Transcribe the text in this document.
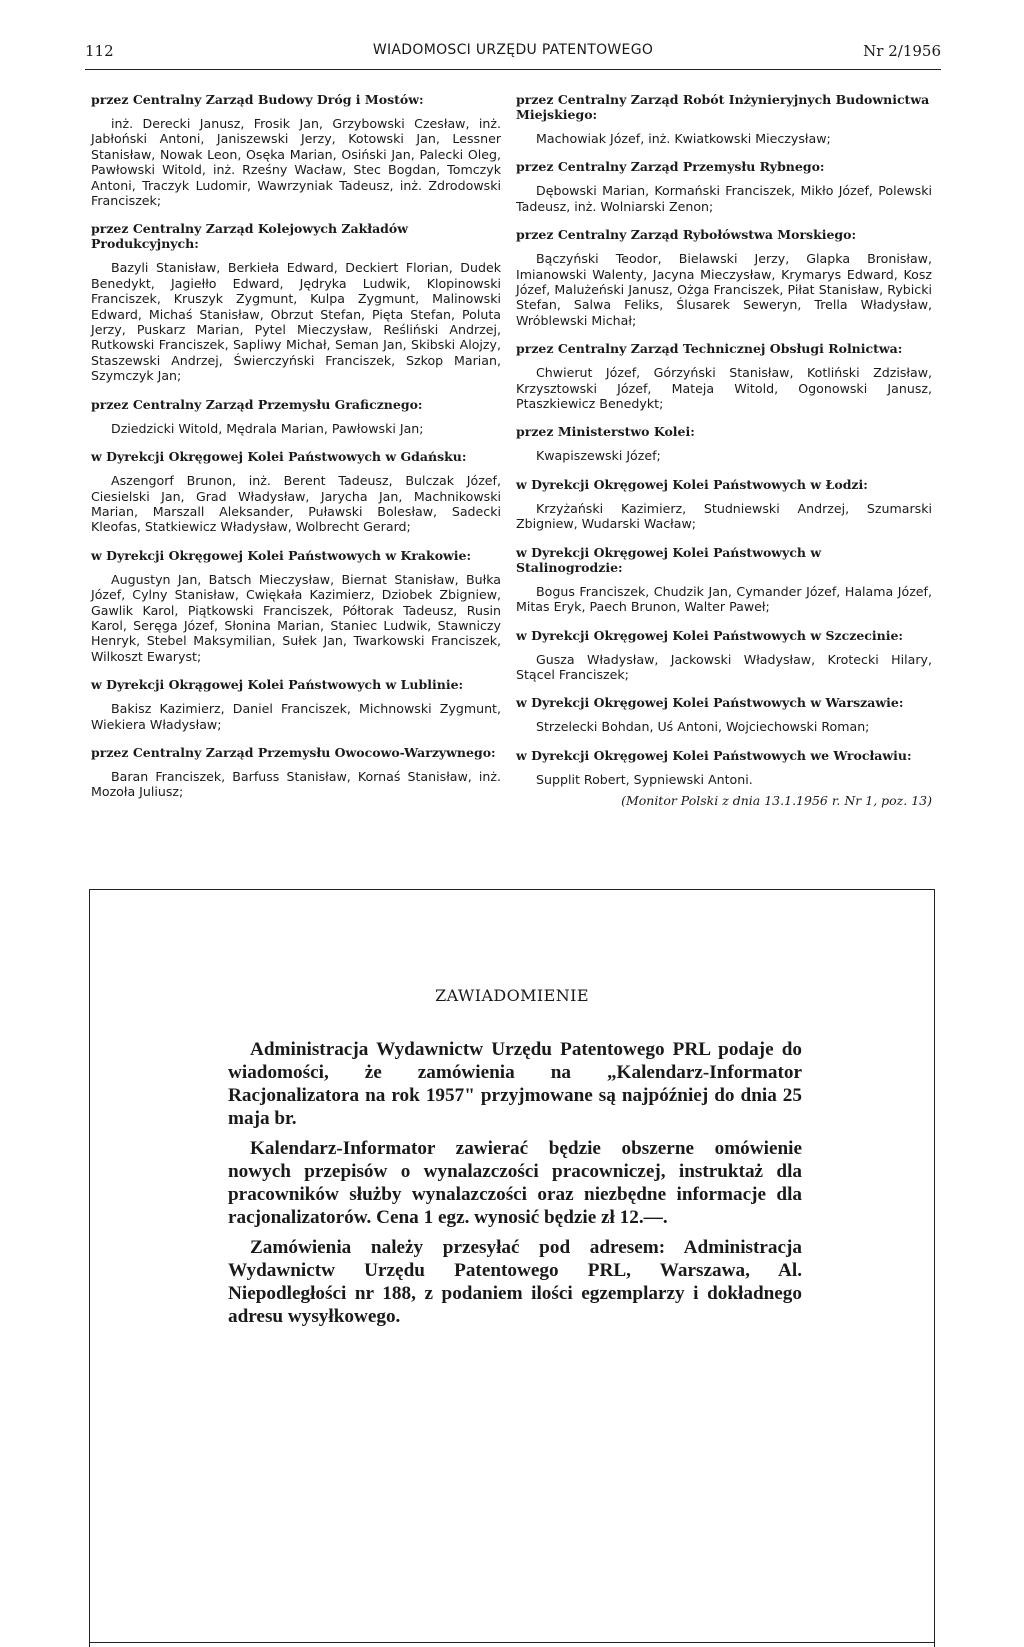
112	WIADOMOSCI URZĘDU PATENTOWEGO	Nr 2/1956
przez Centralny Zarząd Budowy Dróg i Mostów:
inż. Derecki Janusz, Frosik Jan, Grzybowski Czesław, inż. Jabłoński Antoni, Janiszewski Jerzy, Kotowski Jan, Lessner Stanisław, Nowak Leon, Osęka Marian, Osiński Jan, Palecki Oleg, Pawłowski Witold, inż. Rześny Wacław, Stec Bogdan, Tomczyk Antoni, Traczyk Ludomir, Wawrzyniak Tadeusz, inż. Zdrodowski Franciszek;
przez Centralny Zarząd Kolejowych Zakładów Produkcyjnych:
Bazyli Stanisław, Berkieła Edward, Deckiert Florian, Dudek Benedykt, Jagiełło Edward, Jędryka Ludwik, Klopinowski Franciszek, Kruszyk Zygmunt, Kulpa Zygmunt, Malinowski Edward, Michaś Stanisław, Obrzut Stefan, Pięta Stefan, Poluta Jerzy, Puskarz Marian, Pytel Mieczysław, Reśliński Andrzej, Rutkowski Franciszek, Sapliwy Michał, Seman Jan, Skibski Alojzy, Staszewski Andrzej, Świerczyński Franciszek, Szkop Marian, Szymczyk Jan;
przez Centralny Zarząd Przemysłu Graficznego:
Dziedzicki Witold, Mędrala Marian, Pawłowski Jan;
w Dyrekcji Okręgowej Kolei Państwowych w Gdańsku:
Aszengorf Brunon, inż. Berent Tadeusz, Bulczak Józef, Ciesielski Jan, Grad Władysław, Jarycha Jan, Machnikowski Marian, Marszall Aleksander, Puławski Bolesław, Sadecki Kleofas, Statkiewicz Władysław, Wolbrecht Gerard;
w Dyrekcji Okręgowej Kolei Państwowych w Krakowie:
Augustyn Jan, Batsch Mieczysław, Biernat Stanisław, Bułka Józef, Cylny Stanisław, Cwiękała Kazimierz, Dziobek Zbigniew, Gawlik Karol, Piątkowski Franciszek, Półtorak Tadeusz, Rusin Karol, Seręga Józef, Słonina Marian, Staniec Ludwik, Stawniczy Henryk, Stebel Maksymilian, Sułek Jan, Twarkowski Franciszek, Wilkoszt Ewaryst;
w Dyrekcji Okrągowej Kolei Państwowych w Lublinie:
Bakisz Kazimierz, Daniel Franciszek, Michnowski Zygmunt, Wiekiera Władysław;
przez Centralny Zarząd Przemysłu Owocowo-Warzywnego:
Baran Franciszek, Barfuss Stanisław, Kornaś Stanisław, inż. Mozoła Juliusz;
przez Centralny Zarząd Robót Inżynieryjnych Budownictwa Miejskiego:
Machowiak Józef, inż. Kwiatkowski Mieczysław;
przez Centralny Zarząd Przemysłu Rybnego:
Dębowski Marian, Kormański Franciszek, Mikło Józef, Polewski Tadeusz, inż. Wolniarski Zenon;
przez Centralny Zarząd Rybołówstwa Morskiego:
Bączyński Teodor, Bielawski Jerzy, Glapka Bronisław, Imianowski Walenty, Jacyna Mieczysław, Krymarys Edward, Kosz Józef, Malużeński Janusz, Ożga Franciszek, Piłat Stanisław, Rybicki Stefan, Salwa Feliks, Ślusarek Seweryn, Trella Władysław, Wróblewski Michał;
przez Centralny Zarząd Technicznej Obsługi Rolnictwa:
Chwierut Józef, Górzyński Stanisław, Kotliński Zdzisław, Krzysztowski Józef, Mateja Witold, Ogonowski Janusz, Ptaszkiewicz Benedykt;
przez Ministerstwo Kolei:
Kwapiszewski Józef;
w Dyrekcji Okręgowej Kolei Państwowych w Łodzi:
Krzyżański Kazimierz, Studniewski Andrzej, Szumarski Zbigniew, Wudarski Wacław;
w Dyrekcji Okręgowej Kolei Państwowych w Stalinogrodzie:
Bogus Franciszek, Chudzik Jan, Cymander Józef, Halama Józef, Mitas Eryk, Paech Brunon, Walter Paweł;
w Dyrekcji Okręgowej Kolei Państwowych w Szczecinie:
Gusza Władysław, Jackowski Władysław, Krotecki Hilary, Stącel Franciszek;
w Dyrekcji Okręgowej Kolei Państwowych w Warszawie:
Strzelecki Bohdan, Uś Antoni, Wojciechowski Roman;
w Dyrekcji Okręgowej Kolei Państwowych we Wrocławiu:
Supplit Robert, Sypniewski Antoni.
(Monitor Polski z dnia 13.1.1956 r. Nr 1, poz. 13)
ZAWIADOMIENIE
Administracja Wydawnictw Urzędu Patentowego PRL podaje do wiadomości, że zamówienia na „Kalendarz-Informator Racjonalizatora na rok 1957" przyjmowane są najpóźniej do dnia 25 maja br.
Kalendarz-Informator zawierać będzie obszerne omówienie nowych przepisów o wynalazczości pracowniczej, instruktaż dla pracowników służby wynalazczości oraz niezbędne informacje dla racjonalizatorów. Cena 1 egz. wynosić będzie zł 12.—.
Zamówienia należy przesyłać pod adresem: Administracja Wydawnictw Urzędu Patentowego PRL, Warszawa, Al. Niepodległości nr 188, z podaniem ilości egzemplarzy i dokładnego adresu wysyłkowego.
